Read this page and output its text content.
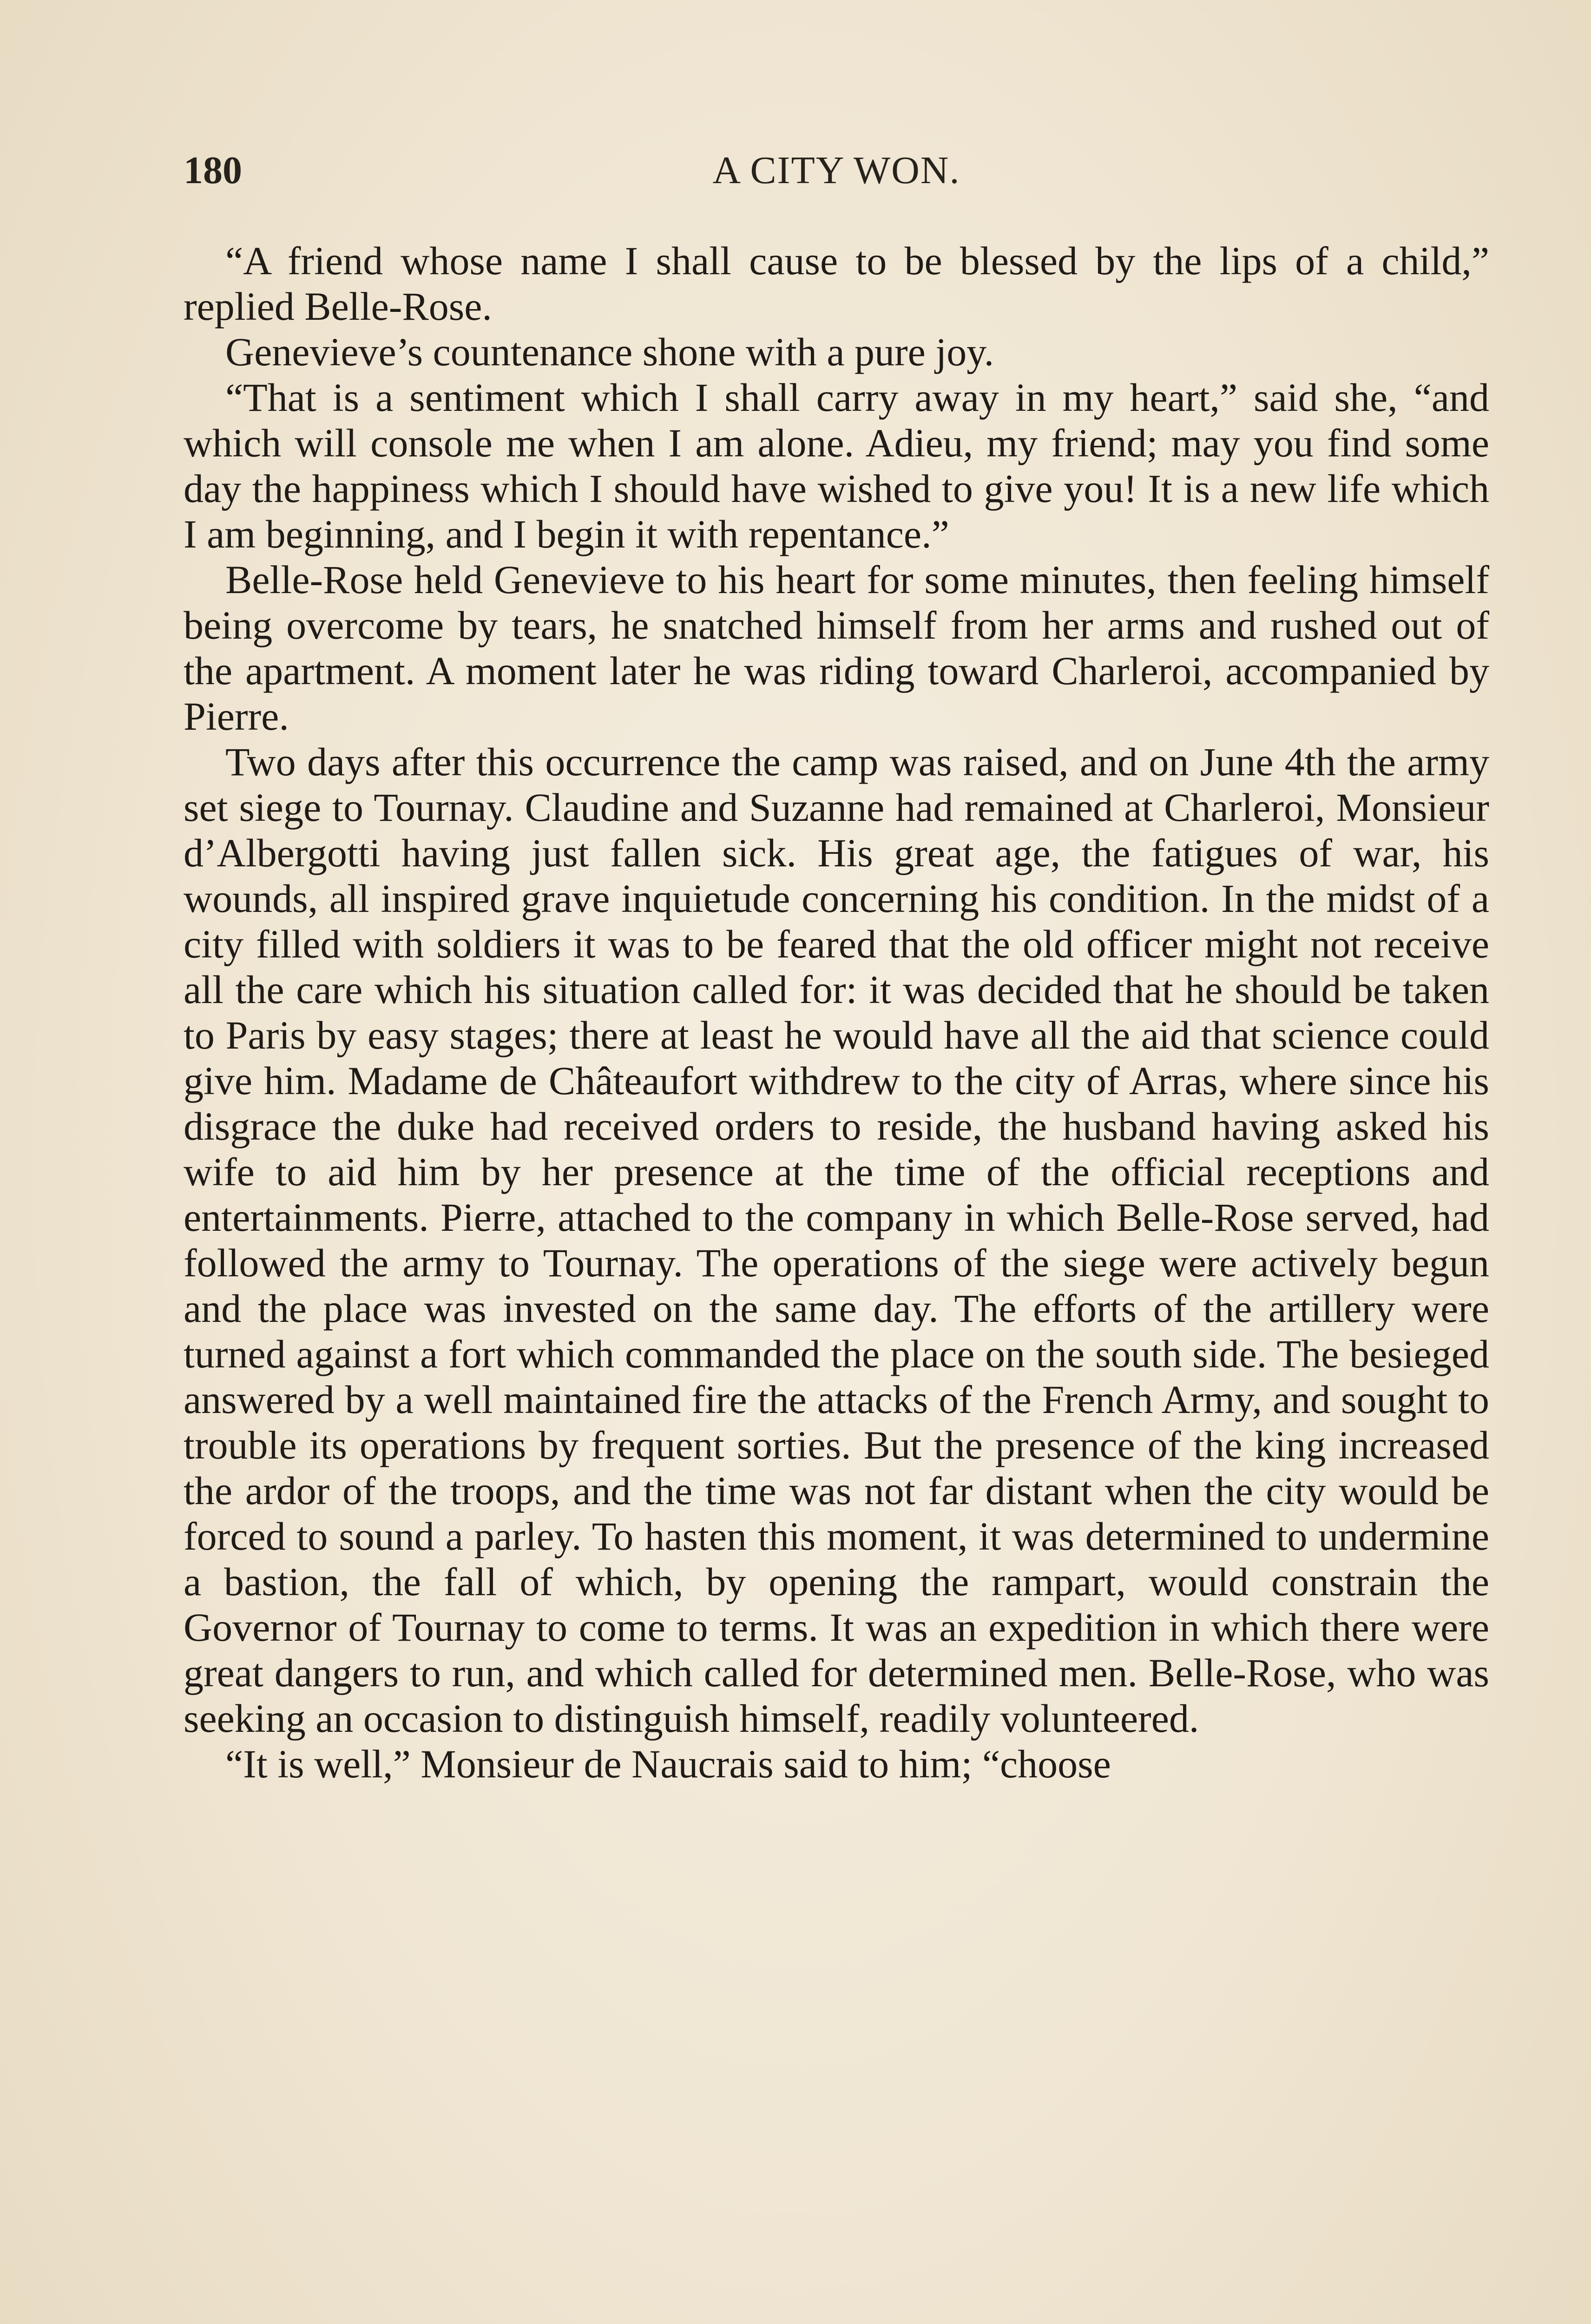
180	A CITY WON.

“A friend whose name I shall cause to be blessed by the lips of a child,” replied Belle-Rose.

Genevieve’s countenance shone with a pure joy.

“That is a sentiment which I shall carry away in my heart,” said she, “and which will console me when I am alone. Adieu, my friend; may you find some day the happiness which I should have wished to give you! It is a new life which I am beginning, and I begin it with repentance.”

Belle-Rose held Genevieve to his heart for some minutes, then feeling himself being overcome by tears, he snatched himself from her arms and rushed out of the apartment. A moment later he was riding toward Charleroi, accompanied by Pierre.

Two days after this occurrence the camp was raised, and on June 4th the army set siege to Tournay. Claudine and Suzanne had remained at Charleroi, Monsieur d’Albergotti having just fallen sick. His great age, the fatigues of war, his wounds, all inspired grave inquietude concerning his condition. In the midst of a city filled with soldiers it was to be feared that the old officer might not receive all the care which his situation called for: it was decided that he should be taken to Paris by easy stages; there at least he would have all the aid that science could give him. Madame de Châteaufort withdrew to the city of Arras, where since his disgrace the duke had received orders to reside, the husband having asked his wife to aid him by her presence at the time of the official receptions and entertainments. Pierre, attached to the company in which Belle-Rose served, had followed the army to Tournay. The operations of the siege were actively begun and the place was invested on the same day. The efforts of the artillery were turned against a fort which commanded the place on the south side. The besieged answered by a well maintained fire the attacks of the French Army, and sought to trouble its operations by frequent sorties. But the presence of the king increased the ardor of the troops, and the time was not far distant when the city would be forced to sound a parley. To hasten this moment, it was determined to undermine a bastion, the fall of which, by opening the rampart, would constrain the Governor of Tournay to come to terms. It was an expedition in which there were great dangers to run, and which called for determined men. Belle-Rose, who was seeking an occasion to distinguish himself, readily volunteered.

“It is well,” Monsieur de Naucrais said to him; “choose
